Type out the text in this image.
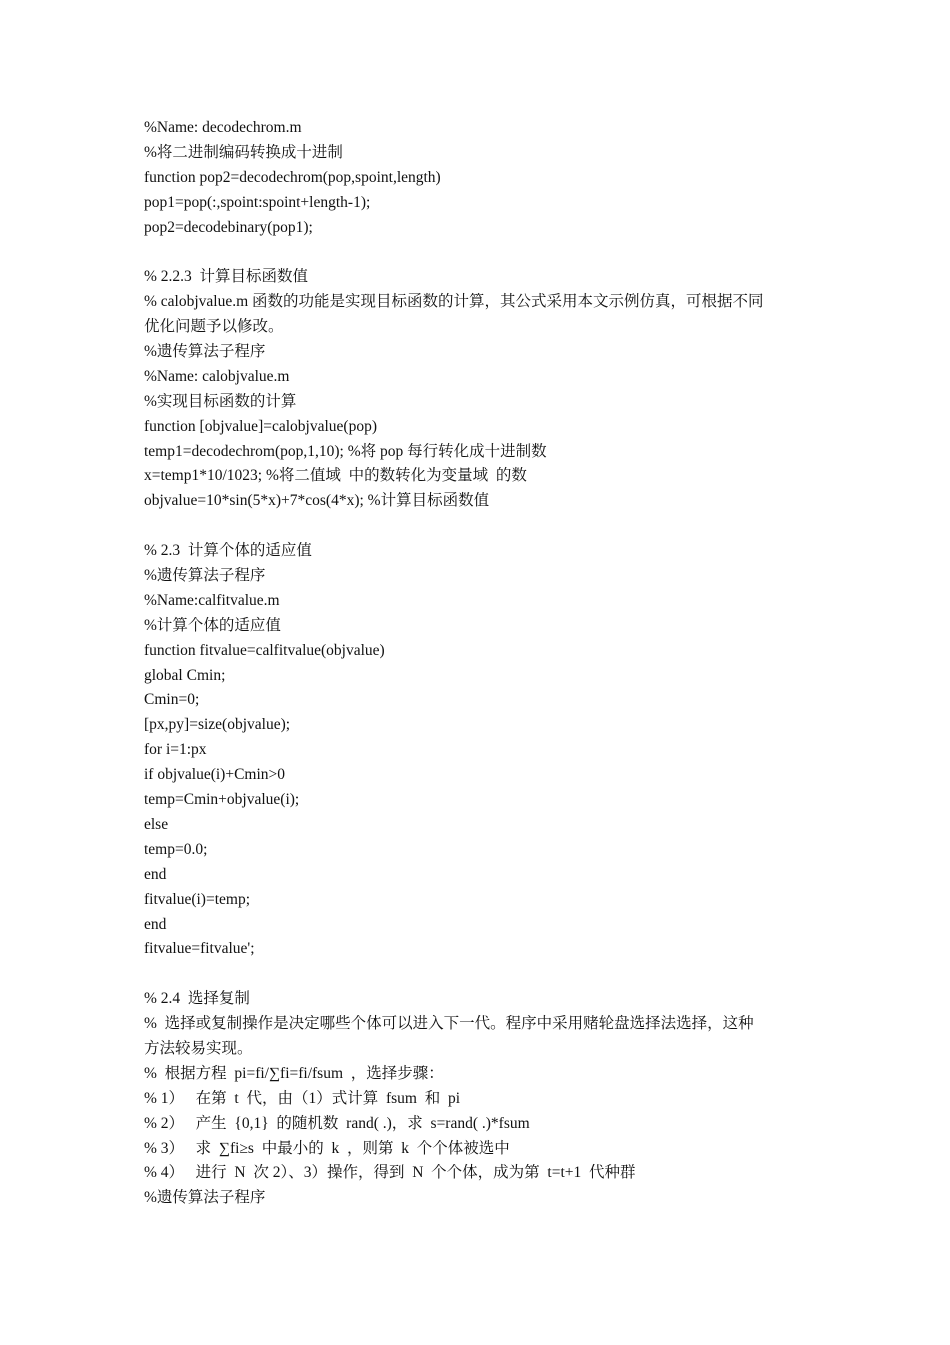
%Name: decodechrom.m
%将二进制编码转换成十进制
function pop2=decodechrom(pop,spoint,length)
pop1=pop(:,spoint:spoint+length-1);
pop2=decodebinary(pop1);
% 2.2.3  计算目标函数值
% calobjvalue.m 函数的功能是实现目标函数的计算，其公式采用本文示例仿真，可根据不同
优化问题予以修改。
%遗传算法子程序
%Name: calobjvalue.m
%实现目标函数的计算
function [objvalue]=calobjvalue(pop)
temp1=decodechrom(pop,1,10); %将 pop 每行转化成十进制数
x=temp1*10/1023; %将二值域  中的数转化为变量域  的数
objvalue=10*sin(5*x)+7*cos(4*x); %计算目标函数值
% 2.3  计算个体的适应值
%遗传算法子程序
%Name:calfitvalue.m
%计算个体的适应值
function fitvalue=calfitvalue(objvalue)
global Cmin;
Cmin=0;
[px,py]=size(objvalue);
for i=1:px
if objvalue(i)+Cmin>0
temp=Cmin+objvalue(i);
else
temp=0.0;
end
fitvalue(i)=temp;
end
fitvalue=fitvalue';
% 2.4  选择复制
%  选择或复制操作是决定哪些个体可以进入下一代。程序中采用赌轮盘选择法选择，这种
方法较易实现。
%  根据方程  pi=fi/∑fi=fi/fsum  ，选择步骤：
% 1）   在第  t  代，由（1）式计算  fsum  和  pi
% 2）   产生  {0,1}  的随机数  rand( .)，求  s=rand( .)*fsum
% 3）   求  ∑fi≥s  中最小的  k  ，则第  k  个个体被选中
% 4）   进行  N  次 2）、3）操作，得到  N  个个体，成为第  t=t+1  代种群
%遗传算法子程序
